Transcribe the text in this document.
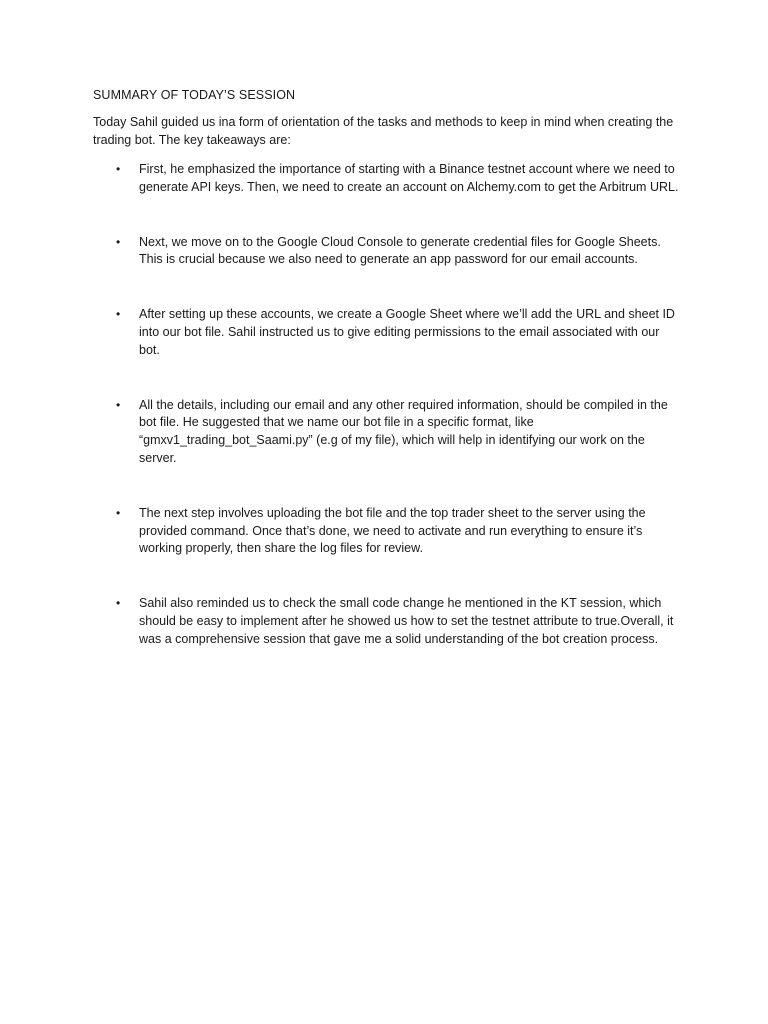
SUMMARY OF TODAY’S SESSION
Today Sahil guided us ina form of orientation of the tasks and methods to keep in mind when creating the trading bot. The key takeaways are:
• First, he emphasized the importance of starting with a Binance testnet account where we need to generate API keys. Then, we need to create an account on Alchemy.com to get the Arbitrum URL.
• Next, we move on to the Google Cloud Console to generate credential files for Google Sheets. This is crucial because we also need to generate an app password for our email accounts.
• After setting up these accounts, we create a Google Sheet where we’ll add the URL and sheet ID into our bot file. Sahil instructed us to give editing permissions to the email associated with our bot.
• All the details, including our email and any other required information, should be compiled in the bot file. He suggested that we name our bot file in a specific format, like “gmxv1_trading_bot_Saami.py” (e.g of my file), which will help in identifying our work on the server.
• The next step involves uploading the bot file and the top trader sheet to the server using the provided command. Once that’s done, we need to activate and run everything to ensure it’s working properly, then share the log files for review.
• Sahil also reminded us to check the small code change he mentioned in the KT session, which should be easy to implement after he showed us how to set the testnet attribute to true.Overall, it was a comprehensive session that gave me a solid understanding of the bot creation process.
